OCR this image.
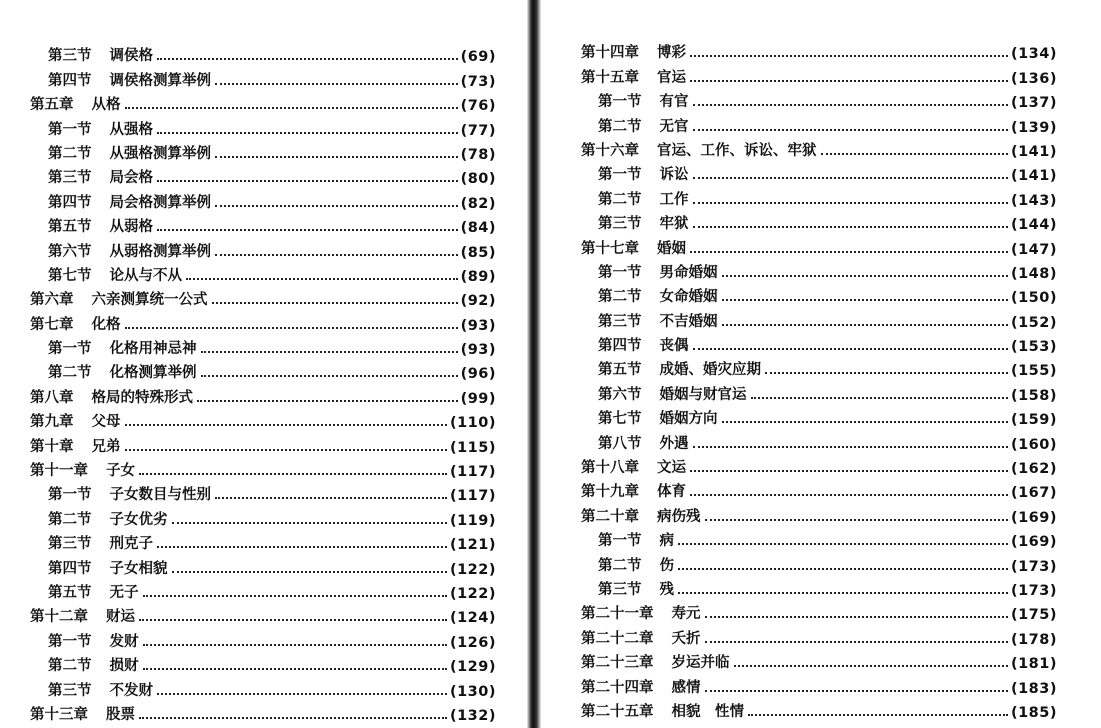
第三节 调侯格	(69)
第四节 调侯格测算举例	(73)
第五章 从格	(76)
第一节 从强格	(77)
第二节 从强格测算举例	(78)
第三节 局会格	(80)
第四节 局会格测算举例	(82)
第五节 从弱格	(84)
第六节 从弱格测算举例	(85)
第七节 论从与不从	(89)
第六章 六亲测算统一公式	(92)
第七章 化格	(93)
第一节 化格用神忌神	(93)
第二节 化格测算举例	(96)
第八章 格局的特殊形式	(99)
第九章 父母	(110)
第十章 兄弟	(115)
第十一章 子女	(117)
第一节 子女数目与性别	(117)
第二节 子女优劣	(119)
第三节 刑克子	(121)
第四节 子女相貌	(122)
第五节 无子	(122)
第十二章 财运	(124)
第一节 发财	(126)
第二节 损财	(129)
第三节 不发财	(130)
第十三章 股票	(132)
第十四章 博彩	(134)
第十五章 官运	(136)
第一节 有官	(137)
第二节 无官	(139)
第十六章 官运、工作、诉讼、牢狱	(141)
第一节 诉讼	(141)
第二节 工作	(143)
第三节 牢狱	(144)
第十七章 婚姻	(147)
第一节 男命婚姻	(148)
第二节 女命婚姻	(150)
第三节 不吉婚姻	(152)
第四节 丧偶	(153)
第五节 成婚、婚灾应期	(155)
第六节 婚姻与财官运	(158)
第七节 婚姻方向	(159)
第八节 外遇	(160)
第十八章 文运	(162)
第十九章 体育	(167)
第二十章 病伤残	(169)
第一节 病	(169)
第二节 伤	(173)
第三节 残	(173)
第二十一章 寿元	(175)
第二十二章 夭折	(178)
第二十三章 岁运并临	(181)
第二十四章 感情	(183)
第二十五章 相貌　性情	(185)
